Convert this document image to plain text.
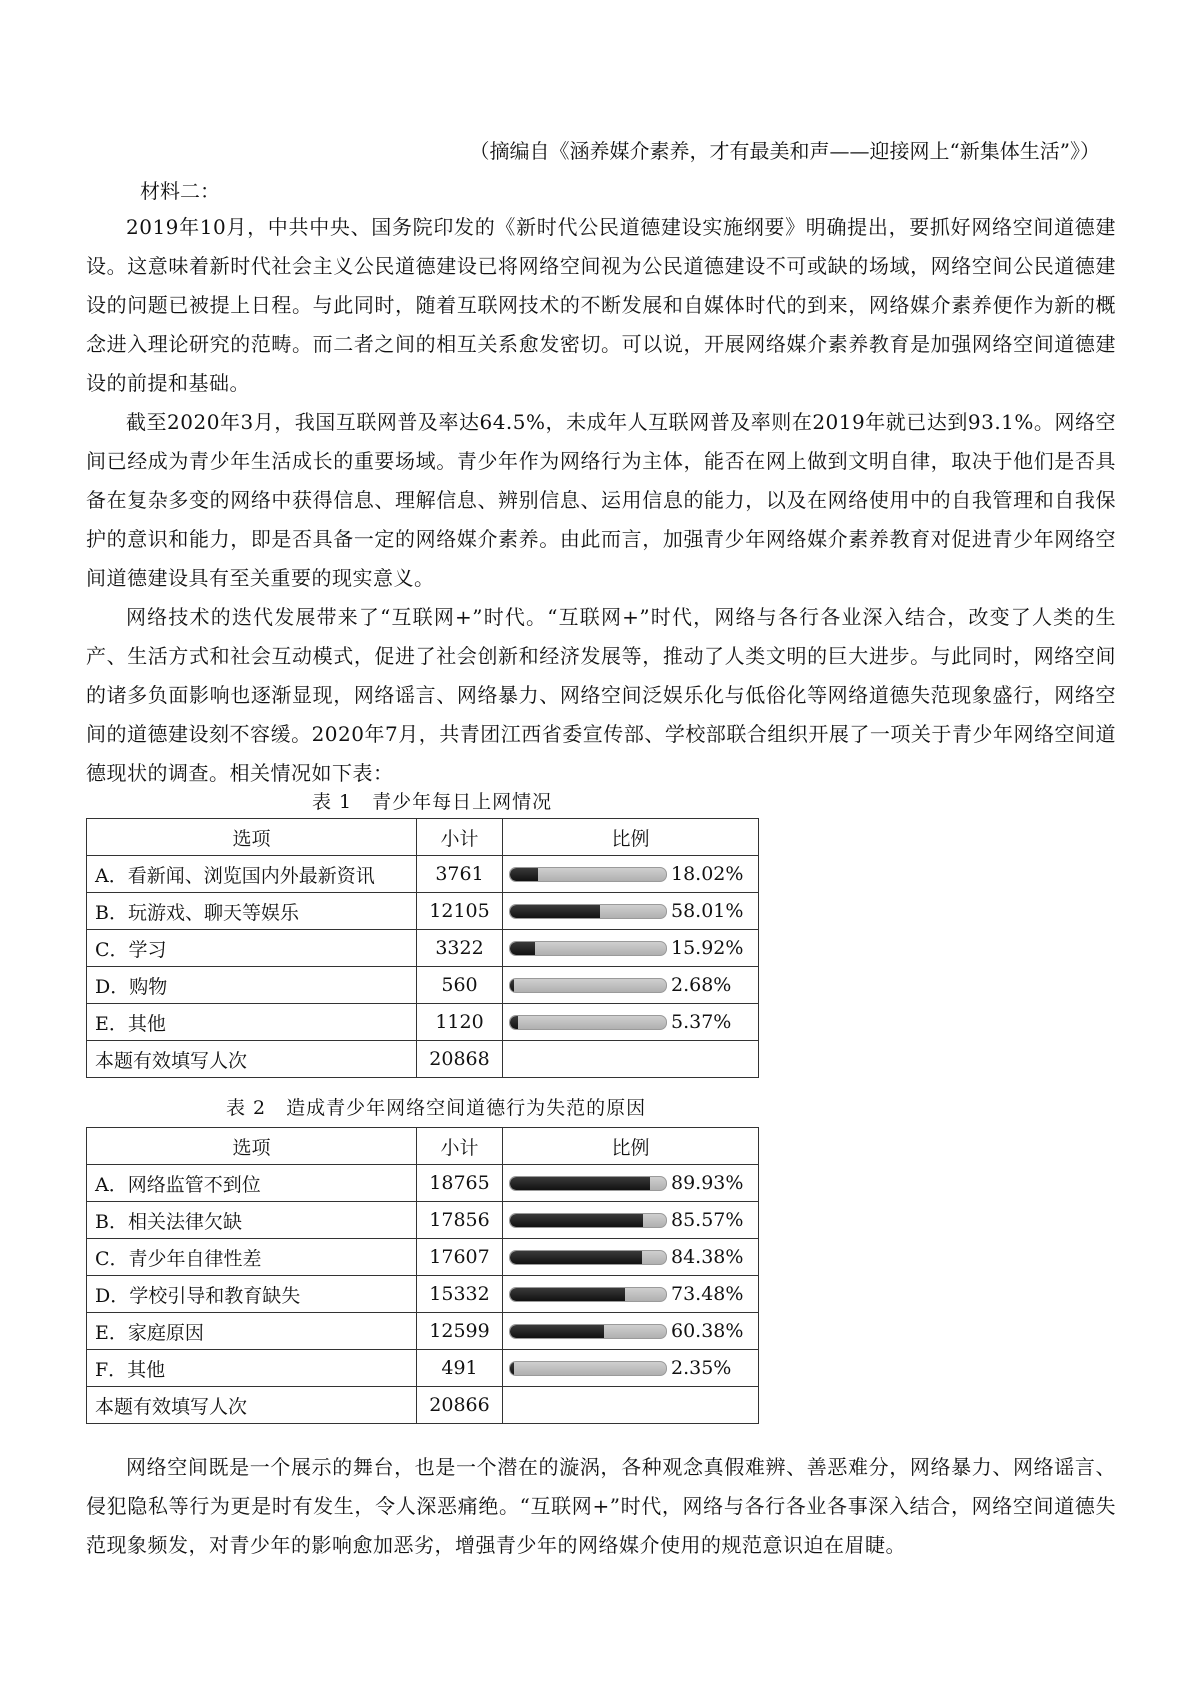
（摘编自《涵养媒介素养，才有最美和声——迎接网上“新集体生活”》）
材料二：

2019年10月，中共中央、国务院印发的《新时代公民道德建设实施纲要》明确提出，要抓好网络空间道德建设。这意味着新时代社会主义公民道德建设已将网络空间视为公民道德建设不可或缺的场域，网络空间公民道德建设的问题已被提上日程。与此同时，随着互联网技术的不断发展和自媒体时代的到来，网络媒介素养便作为新的概念进入理论研究的范畴。而二者之间的相互关系愈发密切。可以说，开展网络媒介素养教育是加强网络空间道德建设的前提和基础。

截至2020年3月，我国互联网普及率达64.5%，未成年人互联网普及率则在2019年就已达到93.1%。网络空间已经成为青少年生活成长的重要场域。青少年作为网络行为主体，能否在网上做到文明自律，取决于他们是否具备在复杂多变的网络中获得信息、理解信息、辨别信息、运用信息的能力，以及在网络使用中的自我管理和自我保护的意识和能力，即是否具备一定的网络媒介素养。由此而言，加强青少年网络媒介素养教育对促进青少年网络空间道德建设具有至关重要的现实意义。

网络技术的迭代发展带来了“互联网+”时代。“互联网+”时代，网络与各行各业深入结合，改变了人类的生产、生活方式和社会互动模式，促进了社会创新和经济发展等，推动了人类文明的巨大进步。与此同时，网络空间的诸多负面影响也逐渐显现，网络谣言、网络暴力、网络空间泛娱乐化与低俗化等网络道德失范现象盛行，网络空间的道德建设刻不容缓。2020年7月，共青团江西省委宣传部、学校部联合组织开展了一项关于青少年网络空间道德现状的调查。相关情况如下表：

表 1　青少年每日上网情况
选项	小计	比例
A．看新闻、浏览国内外最新资讯	3761	18.02%

B．玩游戏、聊天等娱乐	12105	58.01%

C．学习	3322	15.92%

D．购物	560	2.68%

E．其他	1120	5.37%

本题有效填写人次	20868	
表 2　造成青少年网络空间道德行为失范的原因
选项	小计	比例
A．网络监管不到位	18765	89.93%

B．相关法律欠缺	17856	85.57%

C．青少年自律性差	17607	84.38%

D．学校引导和教育缺失	15332	73.48%

E．家庭原因	12599	60.38%

F．其他	491	2.35%

本题有效填写人次	20866	

网络空间既是一个展示的舞台，也是一个潜在的漩涡，各种观念真假难辨、善恶难分，网络暴力、网络谣言、侵犯隐私等行为更是时有发生，令人深恶痛绝。“互联网+”时代，网络与各行各业各事深入结合，网络空间道德失范现象频发，对青少年的影响愈加恶劣，增强青少年的网络媒介使用的规范意识迫在眉睫。
